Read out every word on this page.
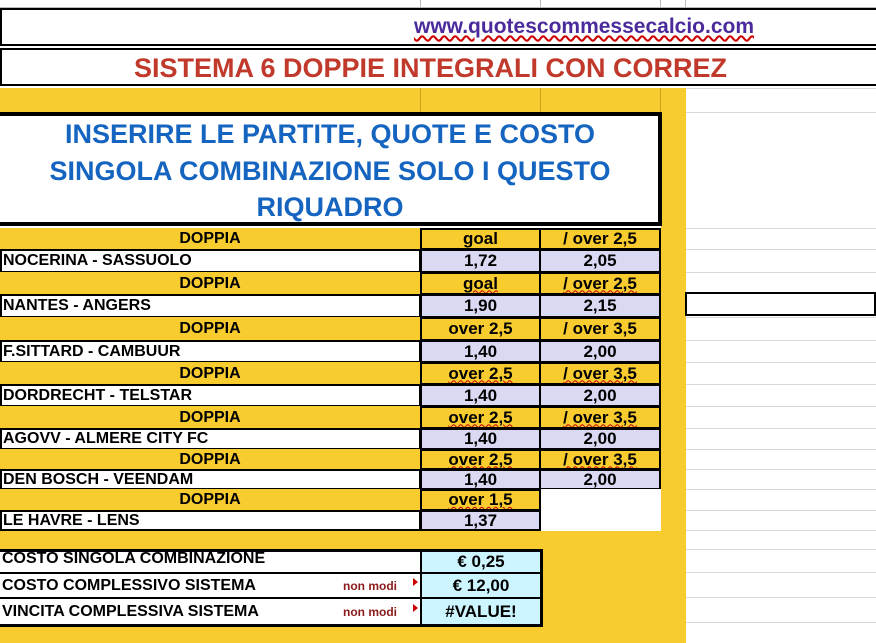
www.quotescommessecalcio.com
SISTEMA 6 DOPPIE INTEGRALI CON CORREZ
INSERIRE LE PARTITE, QUOTE E COSTO
SINGOLA COMBINAZIONE SOLO I QUESTO
RIQUADRO
DOPPIA	goal	/ over 2,5
NOCERINA - SASSUOLO	1,72	2,05
DOPPIA	goal	/ over 2,5
NANTES - ANGERS	1,90	2,15
DOPPIA	over 2,5	/ over 3,5
F.SITTARD - CAMBUUR	1,40	2,00
DOPPIA	over 2,5	/ over 3,5
DORDRECHT - TELSTAR	1,40	2,00
DOPPIA	over 2,5	/ over 3,5
AGOVV - ALMERE CITY FC	1,40	2,00
DOPPIA	over 2,5	/ over 3,5
DEN BOSCH - VEENDAM	1,40	2,00
DOPPIA	over 1,5
LE HAVRE - LENS	1,37
COSTO SINGOLA COMBINAZIONE	€ 0,25
COSTO COMPLESSIVO SISTEMA	non modi	€ 12,00
VINCITA COMPLESSIVA SISTEMA	non modi	#VALUE!
